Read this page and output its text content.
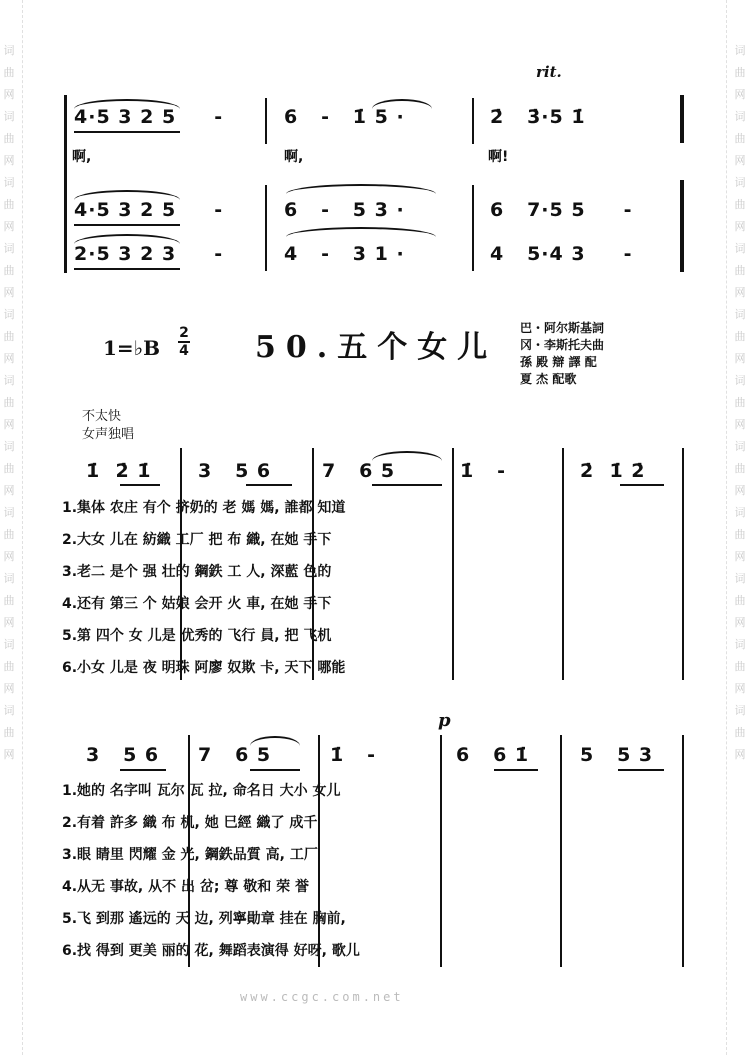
词曲网词曲网词曲网词曲网词曲网词曲网词曲网词曲网词曲网词曲网词曲网
词曲网词曲网词曲网词曲网词曲网词曲网词曲网词曲网词曲网词曲网词曲网
rit.
4·5 3 2 5     -	6   -   1̇ 5 ·	2̇   3̇·5 1̇
啊,	啊,	啊!
4·5 3 2 5     -	6   -   5 3 ·	6   7·5 5     -
2·5 3 2 3     -	4   -   3 1 ·	4   5·4 3     -
1=♭B
2
4 50.五个女儿
巴・阿尔斯基詞
冈・李斯托夫曲
孫 殿 辯 譯 配
夏 杰 配歌
不太快
女声独唱
1̇  2̇ 1̇ 3   5 6	7   6 5	1̇   -	2̇  1̇ 2̇
1.集体 农庄 有个 挤奶的 老 媽 媽, 誰都 知道
2.大女 儿在 紡織 工厂 把 布 織, 在她 手下
3.老二 是个 强 壮的 鋼鉄 工 人, 深藍 色的
4.还有 第三 个 姑娘 会开 火 車, 在她 手下
5.第 四个 女 儿是 优秀的 飞行 員, 把 飞机
6.小女 儿是 夜 明珠 阿廖 奴欺 卡, 天下 哪能
p
3   5 6 7   6 5	1̇   -	6   6 1̇	5   5 3
1.她的 名字叫 瓦尔 瓦 拉, 命名日 大小 女儿
2.有着 許多 織 布 机, 她 巳經 織了 成千
3.眼 睛里 閃耀 金 光, 鋼鉄品質 高, 工厂
4.从无 事故, 从不 出 岔; 尊 敬和 荣 誉
5.飞 到那 遙远的 天 边, 列寧勛章 挂在 胸前,
6.找 得到 更美 丽的 花, 舞蹈表演得 好呀, 歌儿
www.ccgc.com.net
